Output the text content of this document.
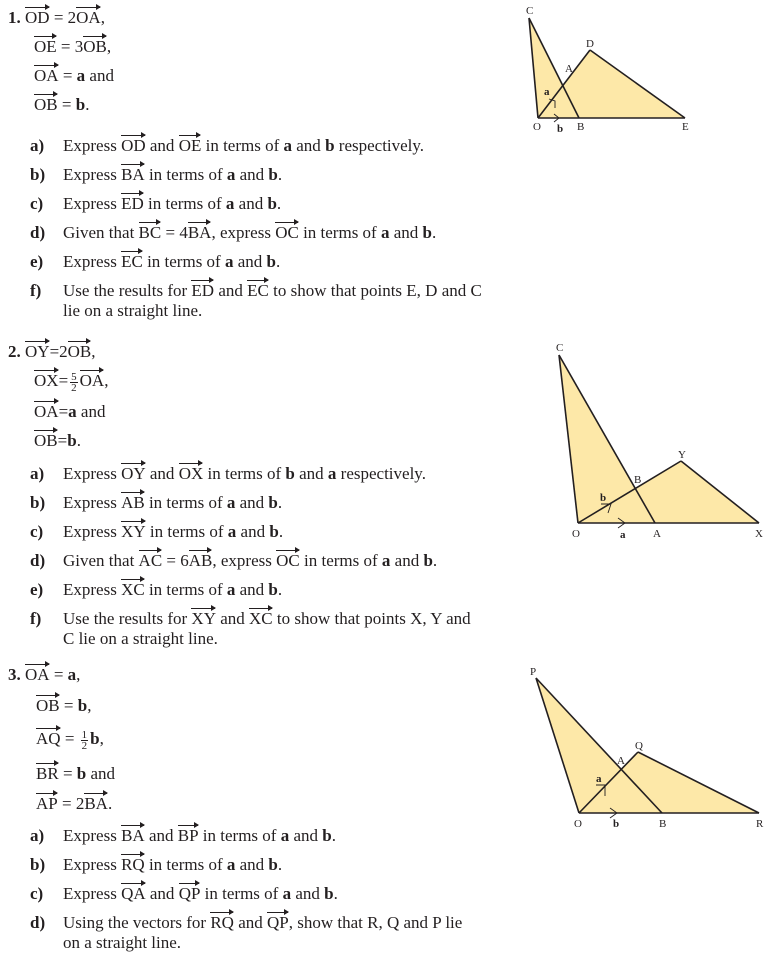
1. OD = 2OA,
OE = 3OB,
OA = a and
OB = b.
a) Express OD and OE in terms of a and b respectively.
b) Express BA in terms of a and b.
c) Express ED in terms of a and b.
d) Given that BC = 4BA, express OC in terms of a and b.
e) Express EC in terms of a and b.
f) Use the results for ED and EC to show that points E, D and C
lie on a straight line.
2. OY=2OB,
$OX= \frac{5}{2}$ OA,
OA=a and
OB=b.
a) Express OY and OX in terms of b and a respectively.
b) Express AB in terms of a and b.
c) Express XY in terms of a and b.
d) Given that AC = 6AB, express OC in terms of a and b.
e) Express XC in terms of a and b.
f) Use the results for XY and XC to show that points X, Y and
C lie on a straight line.
3. OA = a,
OB = b,
AQ = $\frac{1}{2} b$,
BR = b and
AP = 2BA.
a) Express BA and BP in terms of a and b.
b) Express RQ in terms of a and b.
c) Express QA and QP in terms of a and b.
d) Using the vectors for RQ and QP, show that R, Q and P lie
on a straight line.
C
D
A
O	B	E
a
b
C
Y
B
O	A	X
b
a
P
Q
A
O	B	R
a
b
